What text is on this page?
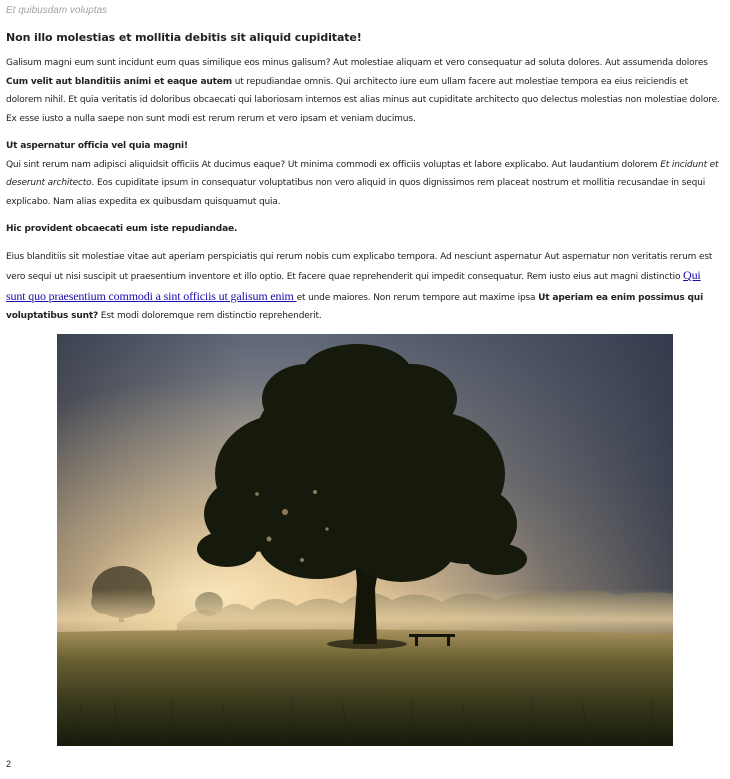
Et quibusdam voluptas
Non illo molestias et mollitia debitis sit aliquid cupiditate!

Galisum magni eum sunt incidunt eum quas similique eos minus galisum? Aut molestiae aliquam et vero consequatur ad soluta dolores. Aut assumenda dolores Cum velit aut blanditiis animi et eaque autem ut repudiandae omnis. Qui architecto iure eum ullam facere aut molestiae tempora ea eius reiciendis et dolorem nihil. Et quia veritatis id doloribus obcaecati qui laboriosam internos est alias minus aut cupiditate architecto quo delectus molestias non molestiae dolore. Ex esse iusto a nulla saepe non sunt modi est rerum rerum et vero ipsam et veniam ducimus.

Ut aspernatur officia vel quia magni!
Qui sint rerum nam adipisci aliquidsit officiis At ducimus eaque? Ut minima commodi ex officiis voluptas et labore explicabo. Aut laudantium dolorem Et incidunt et deserunt architecto. Eos cupiditate ipsum in consequatur voluptatibus non vero aliquid in quos dignissimos rem placeat nostrum et mollitia recusandae in sequi explicabo. Nam alias expedita ex quibusdam quisquamut quia.

Hic provident obcaecati eum iste repudiandae.

Eius blanditiis sit molestiae vitae aut aperiam perspiciatis qui rerum nobis cum explicabo tempora. Ad nesciunt aspernatur Aut aspernatur non veritatis rerum est vero sequi ut nisi suscipit ut praesentium inventore et illo optio. Et facere quae reprehenderit qui impedit consequatur. Rem iusto eius aut magni distinctio Qui sunt quo praesentium commodi a sint officiis ut galisum enim et unde maiores. Non rerum tempore aut maxime ipsa Ut aperiam ea enim possimus qui voluptatibus sunt? Est modi doloremque rem distinctio reprehenderit.

2
